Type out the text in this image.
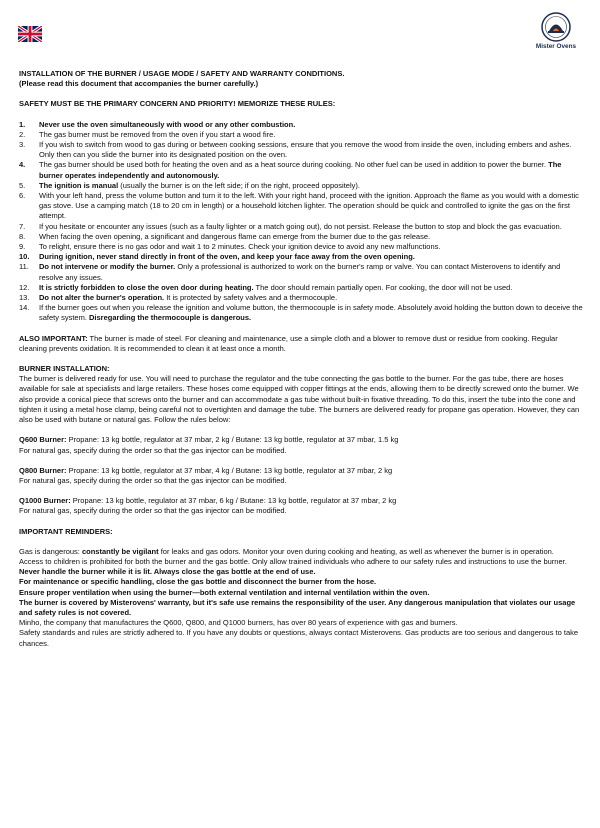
Mister Ovens
INSTALLATION OF THE BURNER / USAGE MODE / SAFETY AND WARRANTY CONDITIONS.
(Please read this document that accompanies the burner carefully.)
SAFETY MUST BE THE PRIMARY CONCERN AND PRIORITY! MEMORIZE THESE RULES:
1.	Never use the oven simultaneously with wood or any other combustion.
2.	The gas burner must be removed from the oven if you start a wood fire.
3.	If you wish to switch from wood to gas during or between cooking sessions, ensure that you remove the wood from inside the oven, including embers and ashes. Only then can you slide the burner into its designated position on the oven.
4.	The gas burner should be used both for heating the oven and as a heat source during cooking. No other fuel can be used in addition to power the burner. The burner operates independently and autonomously.
5.	The ignition is manual (usually the burner is on the left side; if on the right, proceed oppositely).
6.	With your left hand, press the volume button and turn it to the left. With your right hand, proceed with the ignition. Approach the flame as you would with a domestic gas stove. Use a camping match (18 to 20 cm in length) or a household kitchen lighter. The operation should be quick and controlled to ignite the gas on the first attempt.
7.	If you hesitate or encounter any issues (such as a faulty lighter or a match going out), do not persist. Release the button to stop and block the gas evacuation.
8.	When facing the oven opening, a significant and dangerous flame can emerge from the burner due to the gas release.
9.	To relight, ensure there is no gas odor and wait 1 to 2 minutes. Check your ignition device to avoid any new malfunctions.
10.	During ignition, never stand directly in front of the oven, and keep your face away from the oven opening.
11.	Do not intervene or modify the burner. Only a professional is authorized to work on the burner's ramp or valve. You can contact Misterovens to identify and resolve any issues.
12.	It is strictly forbidden to close the oven door during heating. The door should remain partially open. For cooking, the door will not be used.
13.	Do not alter the burner's operation. It is protected by safety valves and a thermocouple.
14.	If the burner goes out when you release the ignition and volume button, the thermocouple is in safety mode. Absolutely avoid holding the button down to deceive the safety system. Disregarding the thermocouple is dangerous.

ALSO IMPORTANT: The burner is made of steel. For cleaning and maintenance, use a simple cloth and a blower to remove dust or residue from cooking. Regular cleaning prevents oxidation. It is recommended to clean it at least once a month.

BURNER INSTALLATION:

The burner is delivered ready for use. You will need to purchase the regulator and the tube connecting the gas bottle to the burner. For the gas tube, there are hoses available for sale at specialists and large retailers. These hoses come equipped with copper fittings at the ends, allowing them to be directly screwed onto the burner. We also provide a conical piece that screws onto the burner and can accommodate a gas tube without built-in fixative threading. To do this, insert the tube into the cone and tighten it using a metal hose clamp, being careful not to overtighten and damage the tube. The burners are delivered ready for propane gas operation. However, they can also be used with butane or natural gas. Follow the rules below:

Q600 Burner: Propane: 13 kg bottle, regulator at 37 mbar, 2 kg / Butane: 13 kg bottle, regulator at 37 mbar, 1.5 kg
For natural gas, specify during the order so that the gas injector can be modified.

Q800 Burner: Propane: 13 kg bottle, regulator at 37 mbar, 4 kg / Butane: 13 kg bottle, regulator at 37 mbar, 2 kg
For natural gas, specify during the order so that the gas injector can be modified.

Q1000 Burner: Propane: 13 kg bottle, regulator at 37 mbar, 6 kg / Butane: 13 kg bottle, regulator at 37 mbar, 2 kg
For natural gas, specify during the order so that the gas injector can be modified.

IMPORTANT REMINDERS:

Gas is dangerous: constantly be vigilant for leaks and gas odors. Monitor your oven during cooking and heating, as well as whenever the burner is in operation.

Access to children is prohibited for both the burner and the gas bottle. Only allow trained individuals who adhere to our safety rules and instructions to use the burner.

Never handle the burner while it is lit. Always close the gas bottle at the end of use.

For maintenance or specific handling, close the gas bottle and disconnect the burner from the hose.

Ensure proper ventilation when using the burner—both external ventilation and internal ventilation within the oven.

The burner is covered by Misterovens' warranty, but it's safe use remains the responsibility of the user. Any dangerous manipulation that violates our usage and safety rules is not covered.

Minho, the company that manufactures the Q600, Q800, and Q1000 burners, has over 80 years of experience with gas and burners.

Safety standards and rules are strictly adhered to. If you have any doubts or questions, always contact Misterovens. Gas products are too serious and dangerous to take chances.
